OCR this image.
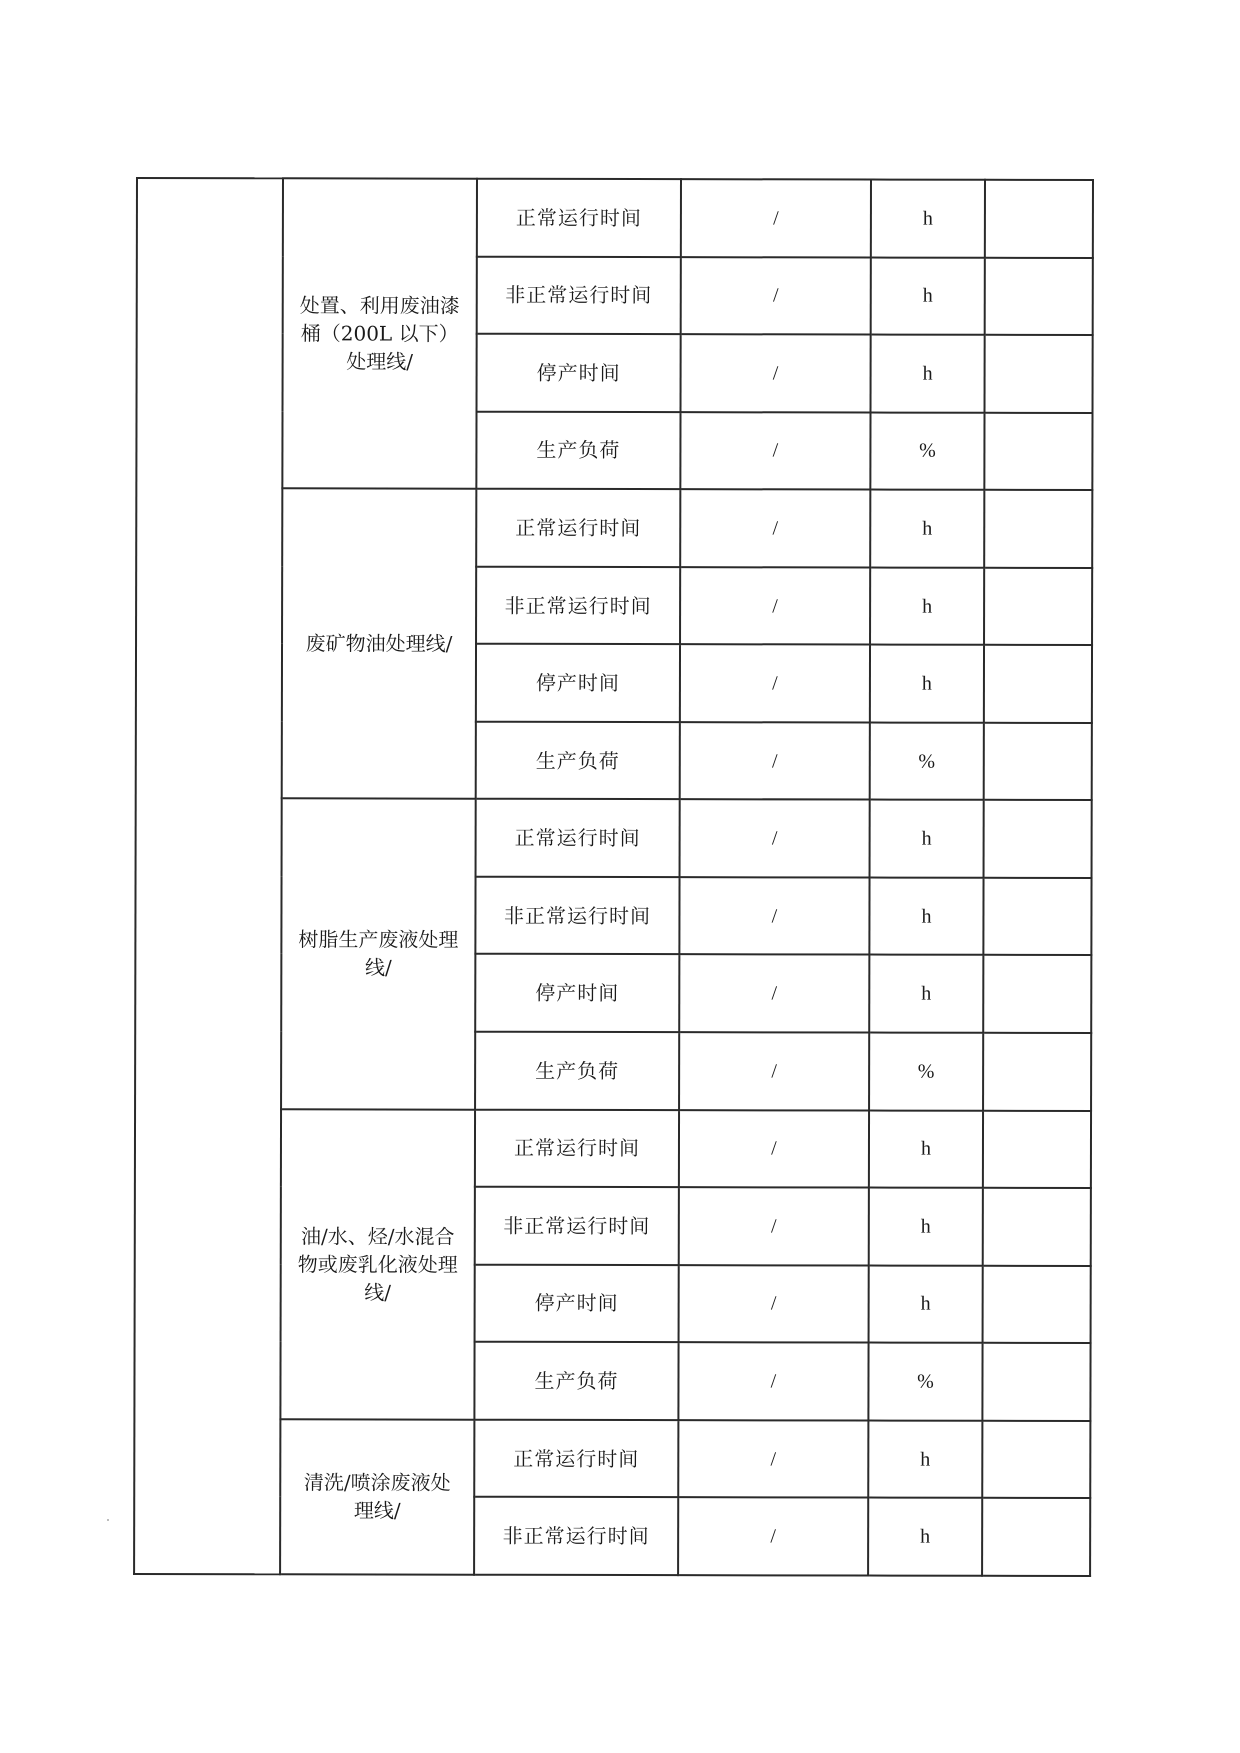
	处置、利用废油漆
桶（200L 以下）
处理线/	正常运行时间	/	h	
		非正常运行时间	/	h	
		停产时间	/	h	
		生产负荷	/	%	

	废矿物油处理线/	正常运行时间	/	h	
		非正常运行时间	/	h	
		停产时间	/	h	
		生产负荷	/	%	

	树脂生产废液处理
线/	正常运行时间	/	h	
		非正常运行时间	/	h	
		停产时间	/	h	
		生产负荷	/	%	

	油/水、烃/水混合
物或废乳化液处理
线/	正常运行时间	/	h	
		非正常运行时间	/	h	
		停产时间	/	h	
		生产负荷	/	%	

	清洗/喷涂废液处
理线/	正常运行时间	/	h	
		非正常运行时间	/	h	
